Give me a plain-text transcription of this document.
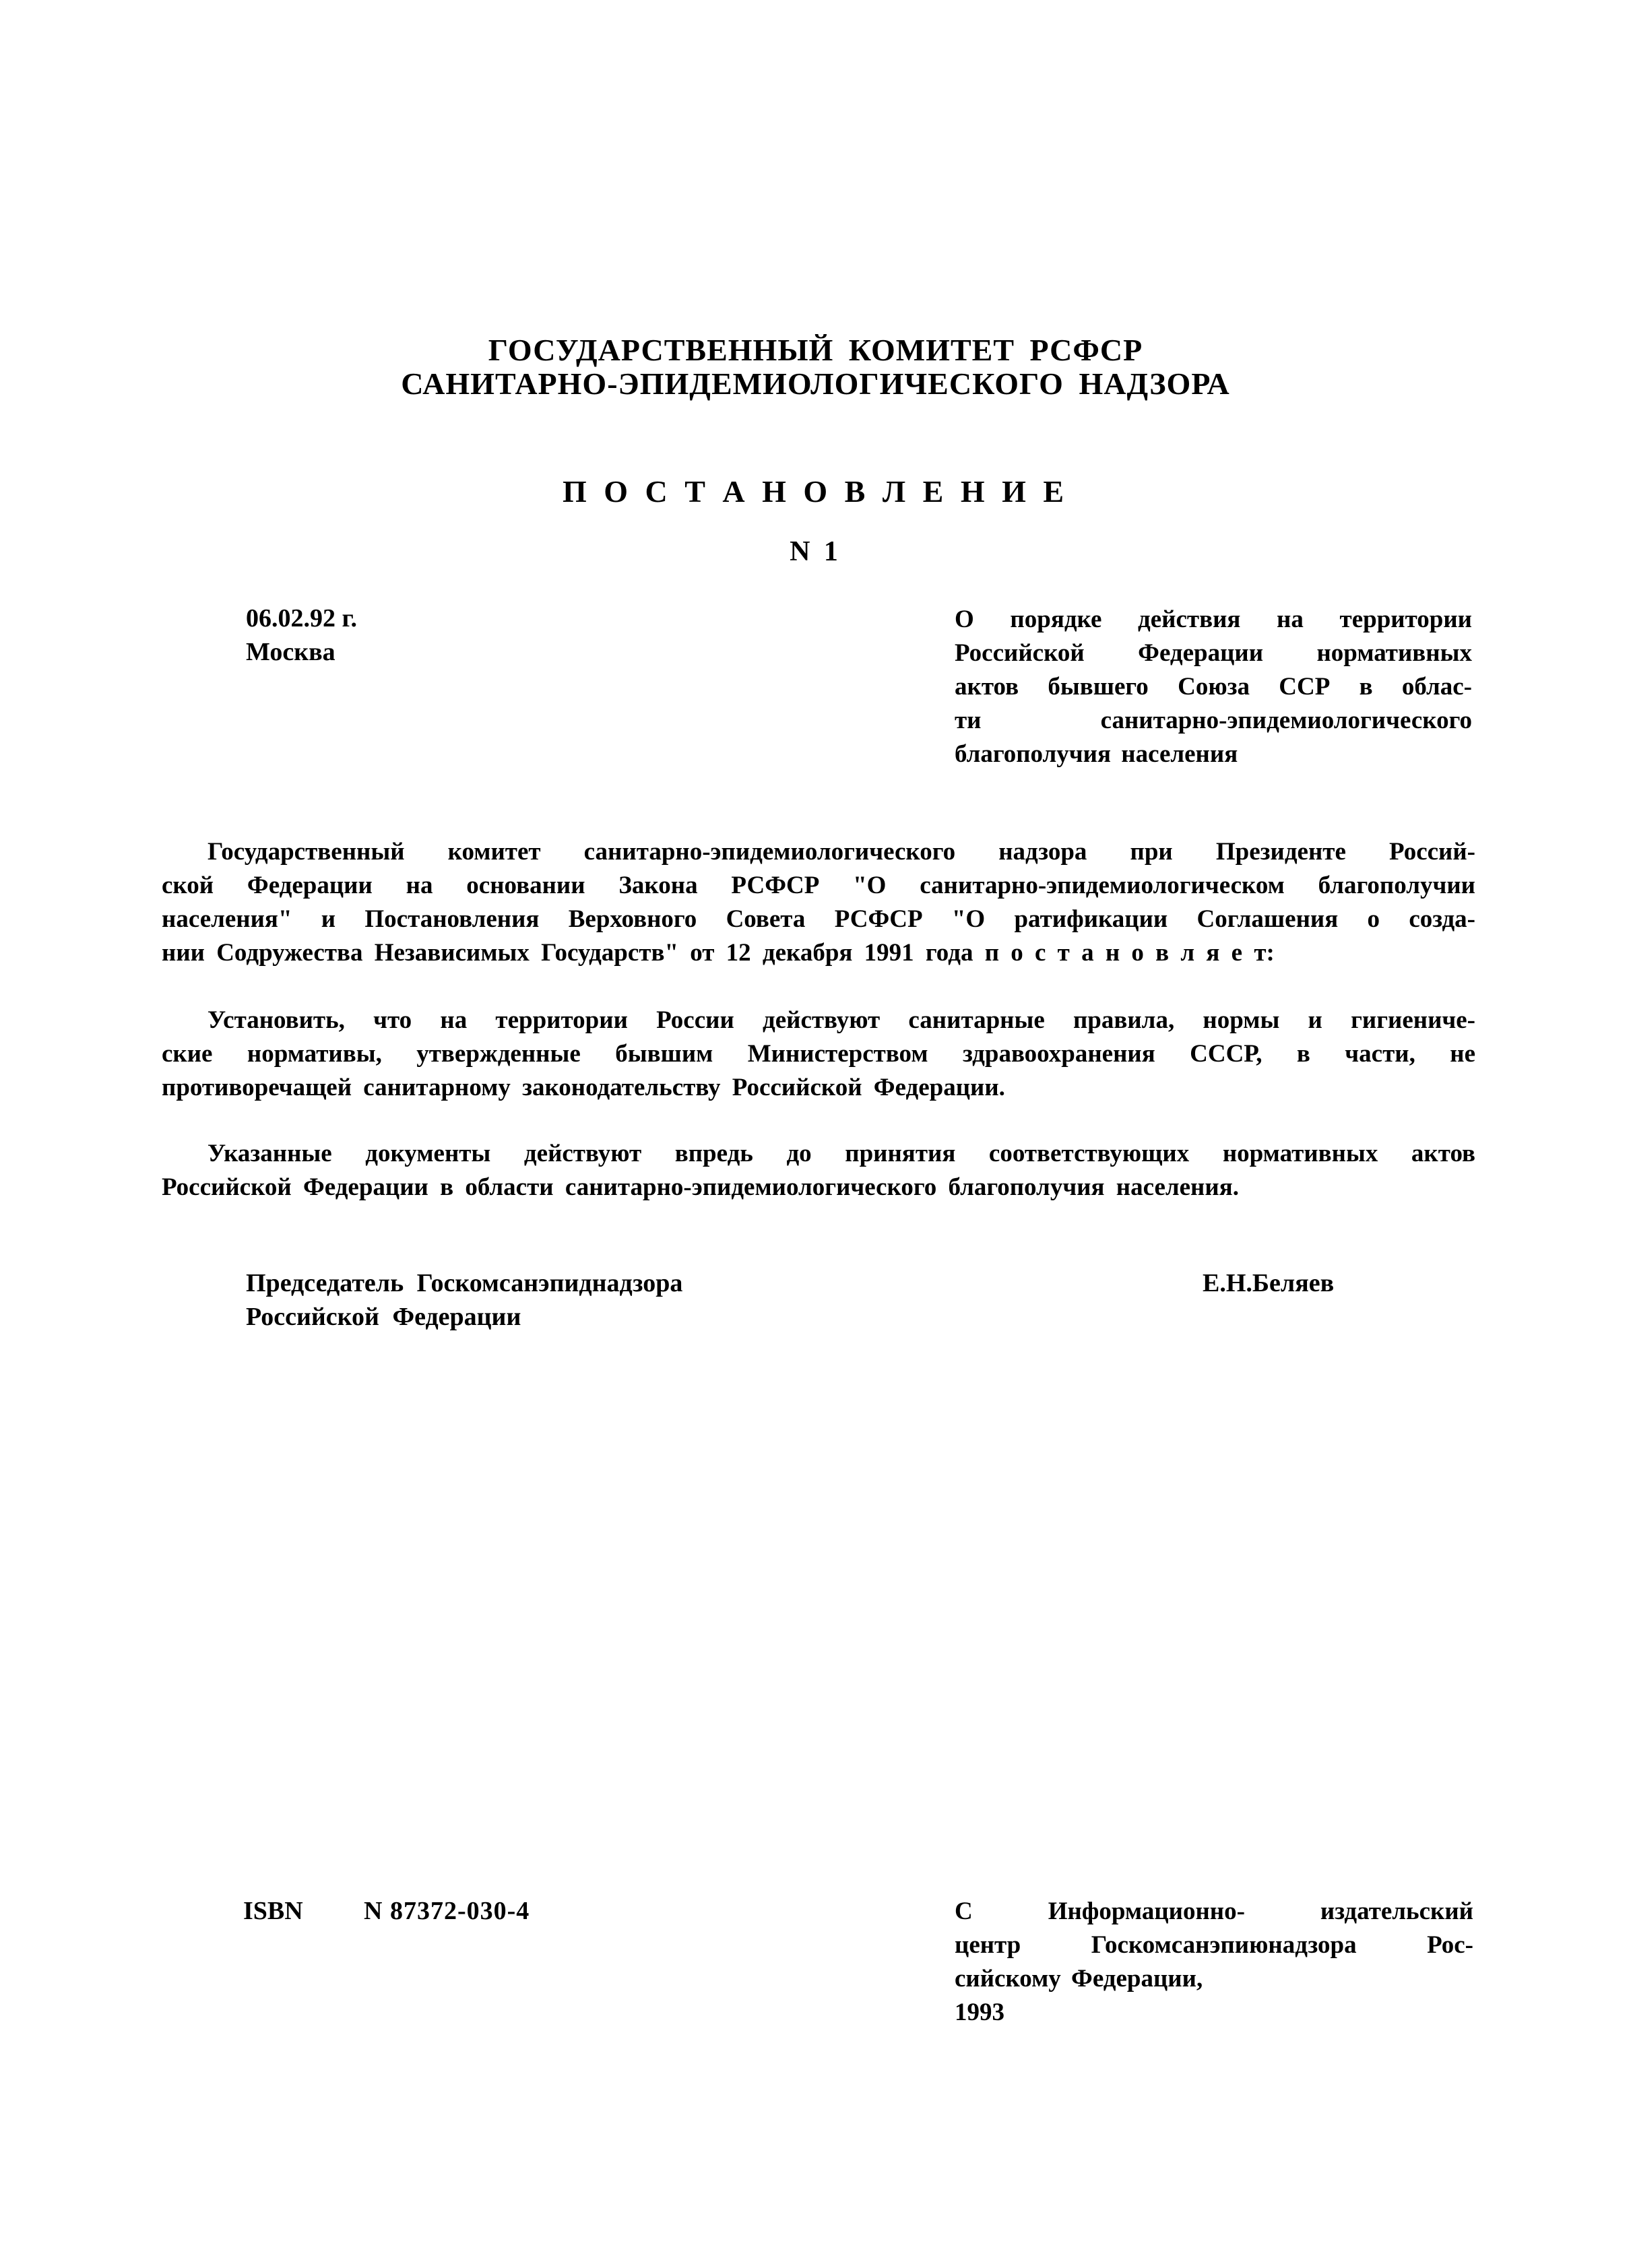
ГОСУДАРСТВЕННЫЙ КОМИТЕТ РСФСР
САНИТАРНО-ЭПИДЕМИОЛОГИЧЕСКОГО НАДЗОРА
П О С Т А Н О В Л Е Н И Е
N 1
06.02.92 г.
Москва
О порядке действия на территории
Российской Федерации нормативных
актов бывшего Союза ССР в облас-
ти санитарно-эпидемиологического
благополучия населения
Государственный комитет санитарно-эпидемиологического надзора при Президенте Россий-
ской Федерации на основании Закона РСФСР "О санитарно-эпидемиологическом благополучии
населения" и Постановления Верховного Совета РСФСР "О ратификации Соглашения о созда-
нии Содружества Независимых Государств" от 12 декабря 1991 года п о с т а н о в л я е т:
Установить, что на территории России действуют санитарные правила, нормы и гигиениче-
ские нормативы, утвержденные бывшим Министерством здравоохранения СССР, в части, не
противоречащей санитарному законодательству Российской Федерации.
Указанные документы действуют впредь до принятия соответствующих нормативных актов
Российской Федерации в области санитарно-эпидемиологического благополучия населения.
Председатель Госкомсанэпиднадзора
Российской Федерации
Е.Н.Беляев
ISBN N 87372-030-4	С Информационно- издательский
центр Госкомсанэпиюнадзора Рос-
сийскому Федерации,
1993
